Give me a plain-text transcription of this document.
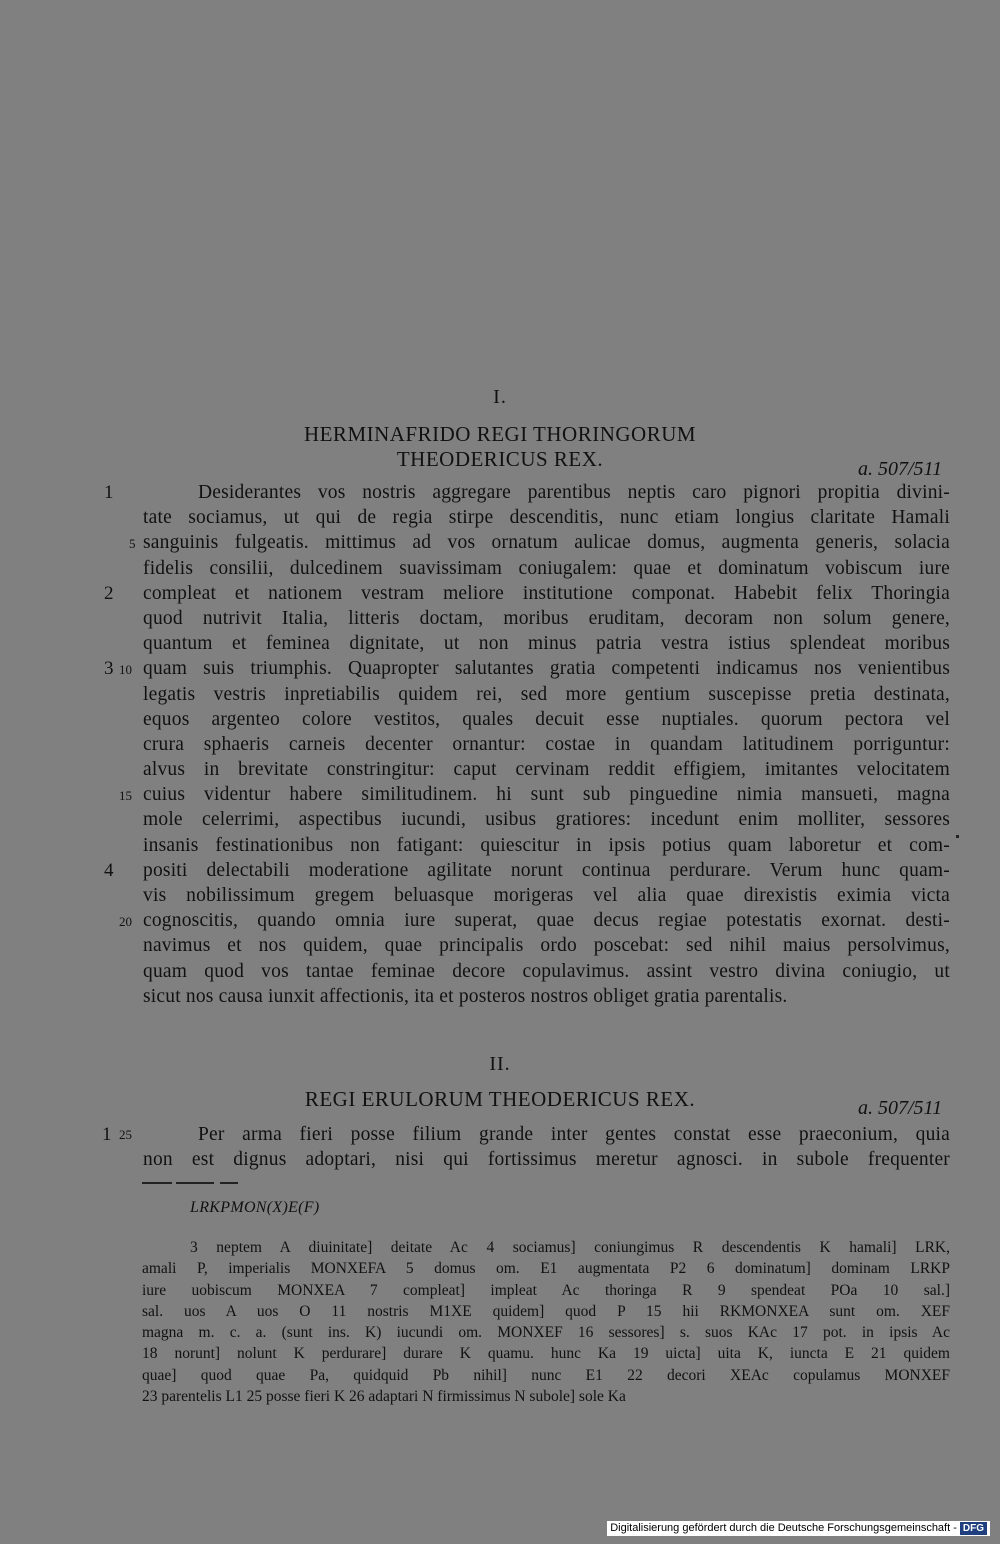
I.
HERMINAFRIDO REGI THORINGORUM
THEODERICUS REX.	a. 507/511
Desiderantes vos nostris aggregare parentibus neptis caro pignori propitia divini-
tate sociamus, ut qui de regia stirpe descenditis, nunc etiam longius claritate Hamali
sanguinis fulgeatis. mittimus ad vos ornatum aulicae domus, augmenta generis, solacia
fidelis consilii, dulcedinem suavissimam coniugalem: quae et dominatum vobiscum iure
compleat et nationem vestram meliore institutione componat. Habebit felix Thoringia
quod nutrivit Italia, litteris doctam, moribus eruditam, decoram non solum genere,
quantum et feminea dignitate, ut non minus patria vestra istius splendeat moribus
quam suis triumphis. Quapropter salutantes gratia competenti indicamus nos venientibus
legatis vestris inpretiabilis quidem rei, sed more gentium suscepisse pretia destinata,
equos argenteo colore vestitos, quales decuit esse nuptiales. quorum pectora vel
crura sphaeris carneis decenter ornantur: costae in quandam latitudinem porriguntur:
alvus in brevitate constringitur: caput cervinam reddit effigiem, imitantes velocitatem
cuius videntur habere similitudinem. hi sunt sub pinguedine nimia mansueti, magna
mole celerrimi, aspectibus iucundi, usibus gratiores: incedunt enim molliter, sessores
insanis festinationibus non fatigant: quiescitur in ipsis potius quam laboretur et com-
positi delectabili moderatione agilitate norunt continua perdurare. Verum hunc quam-
vis nobilissimum gregem beluasque morigeras vel alia quae direxistis eximia victa
cognoscitis, quando omnia iure superat, quae decus regiae potestatis exornat. desti-
navimus et nos quidem, quae principalis ordo poscebat: sed nihil maius persolvimus,
quam quod vos tantae feminae decore copulavimus. assint vestro divina coniugio, ut
sicut nos causa iunxit affectionis, ita et posteros nostros obliget gratia parentalis.
1
2
3
4
5
10
15
20
II.
REGI ERULORUM THEODERICUS REX.	a. 507/511
Per arma fieri posse filium grande inter gentes constat esse praeconium, quia
non est dignus adoptari, nisi qui fortissimus meretur agnosci. in subole frequenter
1 25
LRKPMON(X)E(F)
3 neptem A diuinitate] deitate Ac 4 sociamus] coniungimus R descendentis K hamali] LRK,
amali P, imperialis MONXEFA 5 domus om. E1 augmentata P2 6 dominatum] dominam LRKP
iure uobiscum MONXEA 7 compleat] impleat Ac thoringa R 9 spendeat POa 10 sal.]
sal. uos A uos O 11 nostris M1XE quidem] quod P 15 hii RKMONXEA sunt om. XEF
magna m. c. a. (sunt ins. K) iucundi om. MONXEF 16 sessores] s. suos KAc 17 pot. in ipsis Ac
18 norunt] nolunt K perdurare] durare K quamu. hunc Ka 19 uicta] uita K, iuncta E 21 quidem
quae] quod quae Pa, quidquid Pb nihil] nunc E1 22 decori XEAc copulamus MONXEF
23 parentelis L1 25 posse fieri K 26 adaptari N firmissimus N subole] sole Ka
Digitalisierung gefördert durch die Deutsche Forschungsgemeinschaft - DFG
